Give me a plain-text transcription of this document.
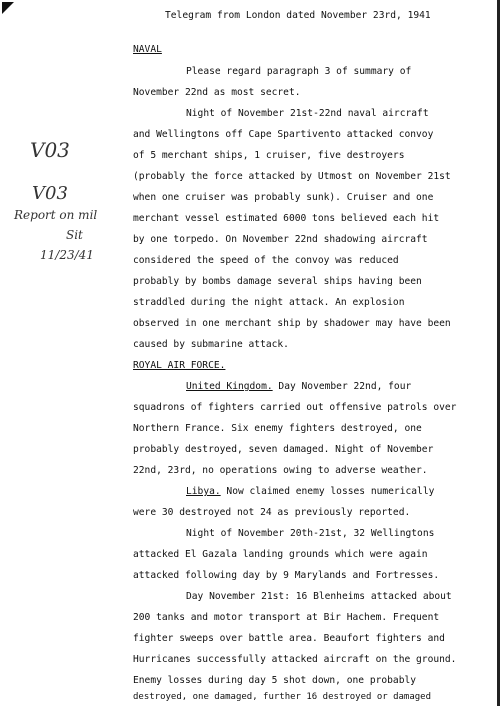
Telegram from London dated November 23rd, 1941
NAVAL
Please regard paragraph 3 of summary of
November 22nd as most secret.
Night of November 21st-22nd naval aircraft
and Wellingtons off Cape Spartivento attacked convoy
of 5 merchant ships, 1 cruiser, five destroyers
(probably the force attacked by Utmost on November 21st
when one cruiser was probably sunk). Cruiser and one
merchant vessel estimated 6000 tons believed each hit
by one torpedo. On November 22nd shadowing aircraft
considered the speed of the convoy was reduced
probably by bombs damage several ships having been
straddled during the night attack. An explosion
observed in one merchant ship by shadower may have been
caused by submarine attack.
ROYAL AIR FORCE.
United Kingdom. Day November 22nd, four
squadrons of fighters carried out offensive patrols over
Northern France. Six enemy fighters destroyed, one
probably destroyed, seven damaged. Night of November
22nd, 23rd, no operations owing to adverse weather.
Libya. Now claimed enemy losses numerically
were 30 destroyed not 24 as previously reported.
Night of November 20th-21st, 32 Wellingtons
attacked El Gazala landing grounds which were again
attacked following day by 9 Marylands and Fortresses.
Day November 21st: 16 Blenheims attacked about
200 tanks and motor transport at Bir Hachem. Frequent
fighter sweeps over battle area. Beaufort fighters and
Hurricanes successfully attacked aircraft on the ground.
Enemy losses during day 5 shot down, one probably
destroyed, one damaged, further 16 destroyed or damaged
V03
V03
Report on mil
Sit
11/23/41
